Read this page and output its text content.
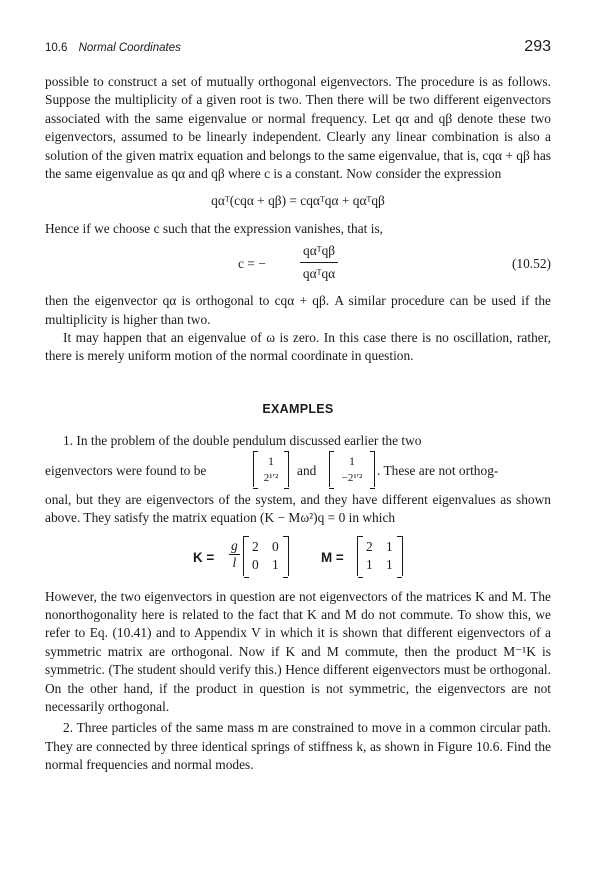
10.6 Normal Coordinates	293

possible to construct a set of mutually orthogonal eigenvectors. The procedure is as follows. Suppose the multiplicity of a given root is two. Then there will be two different eigenvectors associated with the same eigenvalue or normal frequency. Let qα and qβ denote these two eigenvectors, assumed to be linearly independent. Clearly any linear combination is also a solution of the given matrix equation and belongs to the same eigenvalue, that is, cqα + qβ has the same eigenvalue as qα and qβ where c is a constant. Now consider the expression

qαᵀ(cqα + qβ) = cqαᵀqα + qαᵀqβ

Hence if we choose c such that the expression vanishes, that is,

c = −
qαᵀqβ
qαᵀqα
(10.52)

then the eigenvector qα is orthogonal to cqα + qβ. A similar procedure can be used if the multiplicity is higher than two.

It may happen that an eigenvalue of ω is zero. In this case there is no oscillation, rather, there is merely uniform motion of the normal coordinate in question.

EXAMPLES

1. In the problem of the double pendulum discussed earlier the two

eigenvectors were found to be
1
2¹′²	and
1
−2¹′²	. These are not orthog-

onal, but they are eigenvectors of the system, and they have different eigenvalues as shown above. They satisfy the matrix equation (K − Mω²)q = 0 in which

$K = \frac{g}{l} 2$ 0
0 1	M =
2 1
1 1

However, the two eigenvectors in question are not eigenvectors of the matrices K and M. The nonorthogonality here is related to the fact that K and M do not commute. To show this, we refer to Eq. (10.41) and to Appendix V in which it is shown that different eigenvectors of a symmetric matrix are orthogonal. Now if K and M commute, then the product M⁻¹K is symmetric. (The student should verify this.) Hence different eigenvectors must be orthogonal. On the other hand, if the product in question is not symmetric, the eigenvectors are not necessarily orthogonal.

2. Three particles of the same mass m are constrained to move in a common circular path. They are connected by three identical springs of stiffness k, as shown in Figure 10.6. Find the normal frequencies and normal modes.
